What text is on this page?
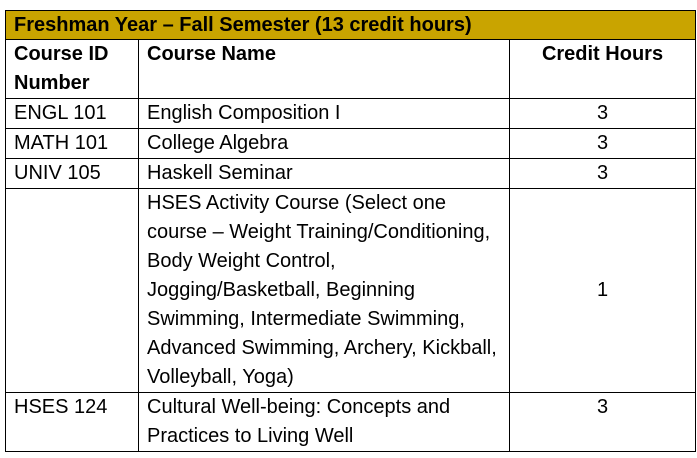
Freshman Year – Fall Semester (13 credit hours)		
Course ID Number	Course Name	Credit Hours
ENGL 101	English Composition I	3
MATH 101	College Algebra	3
UNIV 105	Haskell Seminar	3
	HSES Activity Course (Select one course – Weight Training/Conditioning, Body Weight Control, Jogging/Basketball, Beginning Swimming, Intermediate Swimming, Advanced Swimming, Archery, Kickball, Volleyball, Yoga)	1
HSES 124	Cultural Well-being: Concepts and Practices to Living Well	3
